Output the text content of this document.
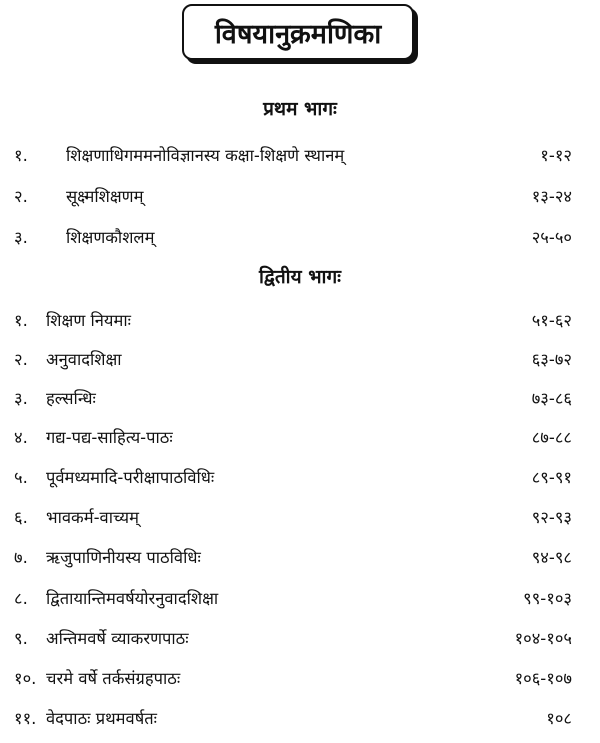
विषयानुक्रमणिका
प्रथम भागः
१. शिक्षणाधिगममनोविज्ञानस्य कक्षा-शिक्षणे स्थानम्	१-१२
२. सूक्ष्मशिक्षणम्	१३-२४
३. शिक्षणकौशलम्	२५-५०
द्वितीय भागः
१. शिक्षण नियमाः	५१-६२
२. अनुवादशिक्षा	६३-७२
३. हल्सन्धिः	७३-८६
४. गद्य-पद्य-साहित्य-पाठः	८७-८८
५. पूर्वमध्यमादि-परीक्षापाठविधिः	८९-९१
६. भावकर्म-वाच्यम्	९२-९३
७. ऋजुपाणिनीयस्य पाठविधिः	९४-९८
८. द्वितायान्तिमवर्षयोरनुवादशिक्षा	९९-१०३
९. अन्तिमवर्षे व्याकरणपाठः	१०४-१०५
१०. चरमे वर्षे तर्कसंग्रहपाठः	१०६-१०७
११. वेदपाठः प्रथमवर्षतः	१०८
